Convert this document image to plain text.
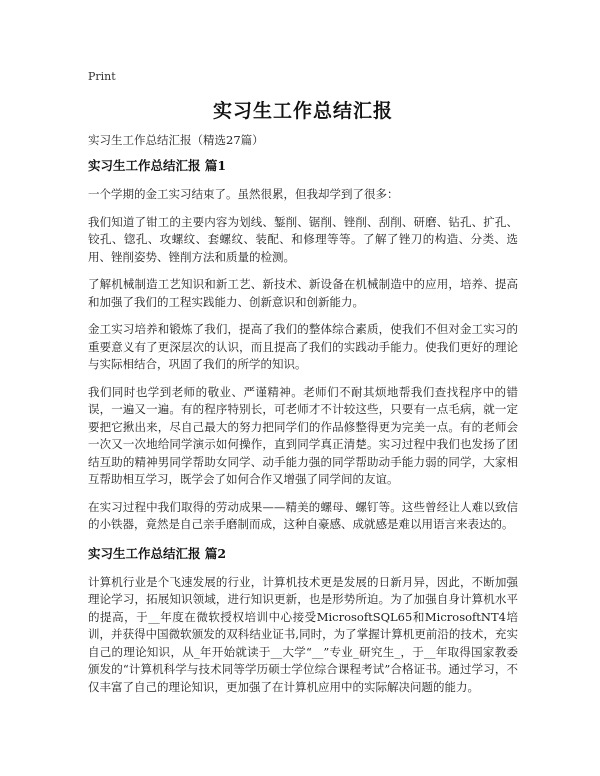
Print
实习生工作总结汇报

实习生工作总结汇报（精选27篇）

实习生工作总结汇报 篇1

一个学期的金工实习结束了。虽然很累，但我却学到了很多：

我们知道了钳工的主要内容为划线、錾削、锯削、锉削、刮削、研磨、钻孔、扩孔、铰孔、锪孔、攻螺纹、套螺纹、装配、和修理等等。了解了锉刀的构造、分类、选用、锉削姿势、锉削方法和质量的检测。

了解机械制造工艺知识和新工艺、新技术、新设备在机械制造中的应用，培养、提高和加强了我们的工程实践能力、创新意识和创新能力。

金工实习培养和锻炼了我们，提高了我们的整体综合素质，使我们不但对金工实习的重要意义有了更深层次的认识，而且提高了我们的实践动手能力。使我们更好的理论与实际相结合，巩固了我们的所学的知识。

我们同时也学到老师的敬业、严谨精神。老师们不耐其烦地帮我们查找程序中的错误，一遍又一遍。有的程序特别长，可老师才不计较这些，只要有一点毛病，就一定要把它揪出来，尽自己最大的努力把同学们的作品修整得更为完美一点。有的老师会一次又一次地给同学演示如何操作，直到同学真正清楚。实习过程中我们也发扬了团结互助的精神男同学帮助女同学、动手能力强的同学帮助动手能力弱的同学，大家相互帮助相互学习，既学会了如何合作又增强了同学间的友谊。

在实习过程中我们取得的劳动成果——精美的螺母、螺钉等。这些曾经让人难以致信的小铁器，竟然是自己亲手磨制而成，这种自豪感、成就感是难以用语言来表达的。

实习生工作总结汇报 篇2

计算机行业是个飞速发展的行业，计算机技术更是发展的日新月异，因此，不断加强理论学习，拓展知识领域，进行知识更新，也是形势所迫。为了加强自身计算机水平的提高，于__年度在微软授权培训中心接受MicrosoftSQL65和MicrosoftNT4培训，并获得中国微软颁发的双科结业证书,同时，为了掌握计算机更前沿的技术，充实自己的理论知识，从_年开始就读于__大学“__”专业_研究生_，于__年取得国家教委颁发的“计算机科学与技术同等学历硕士学位综合课程考试”合格证书。通过学习，不仅丰富了自己的理论知识，更加强了在计算机应用中的实际解决问题的能力。
